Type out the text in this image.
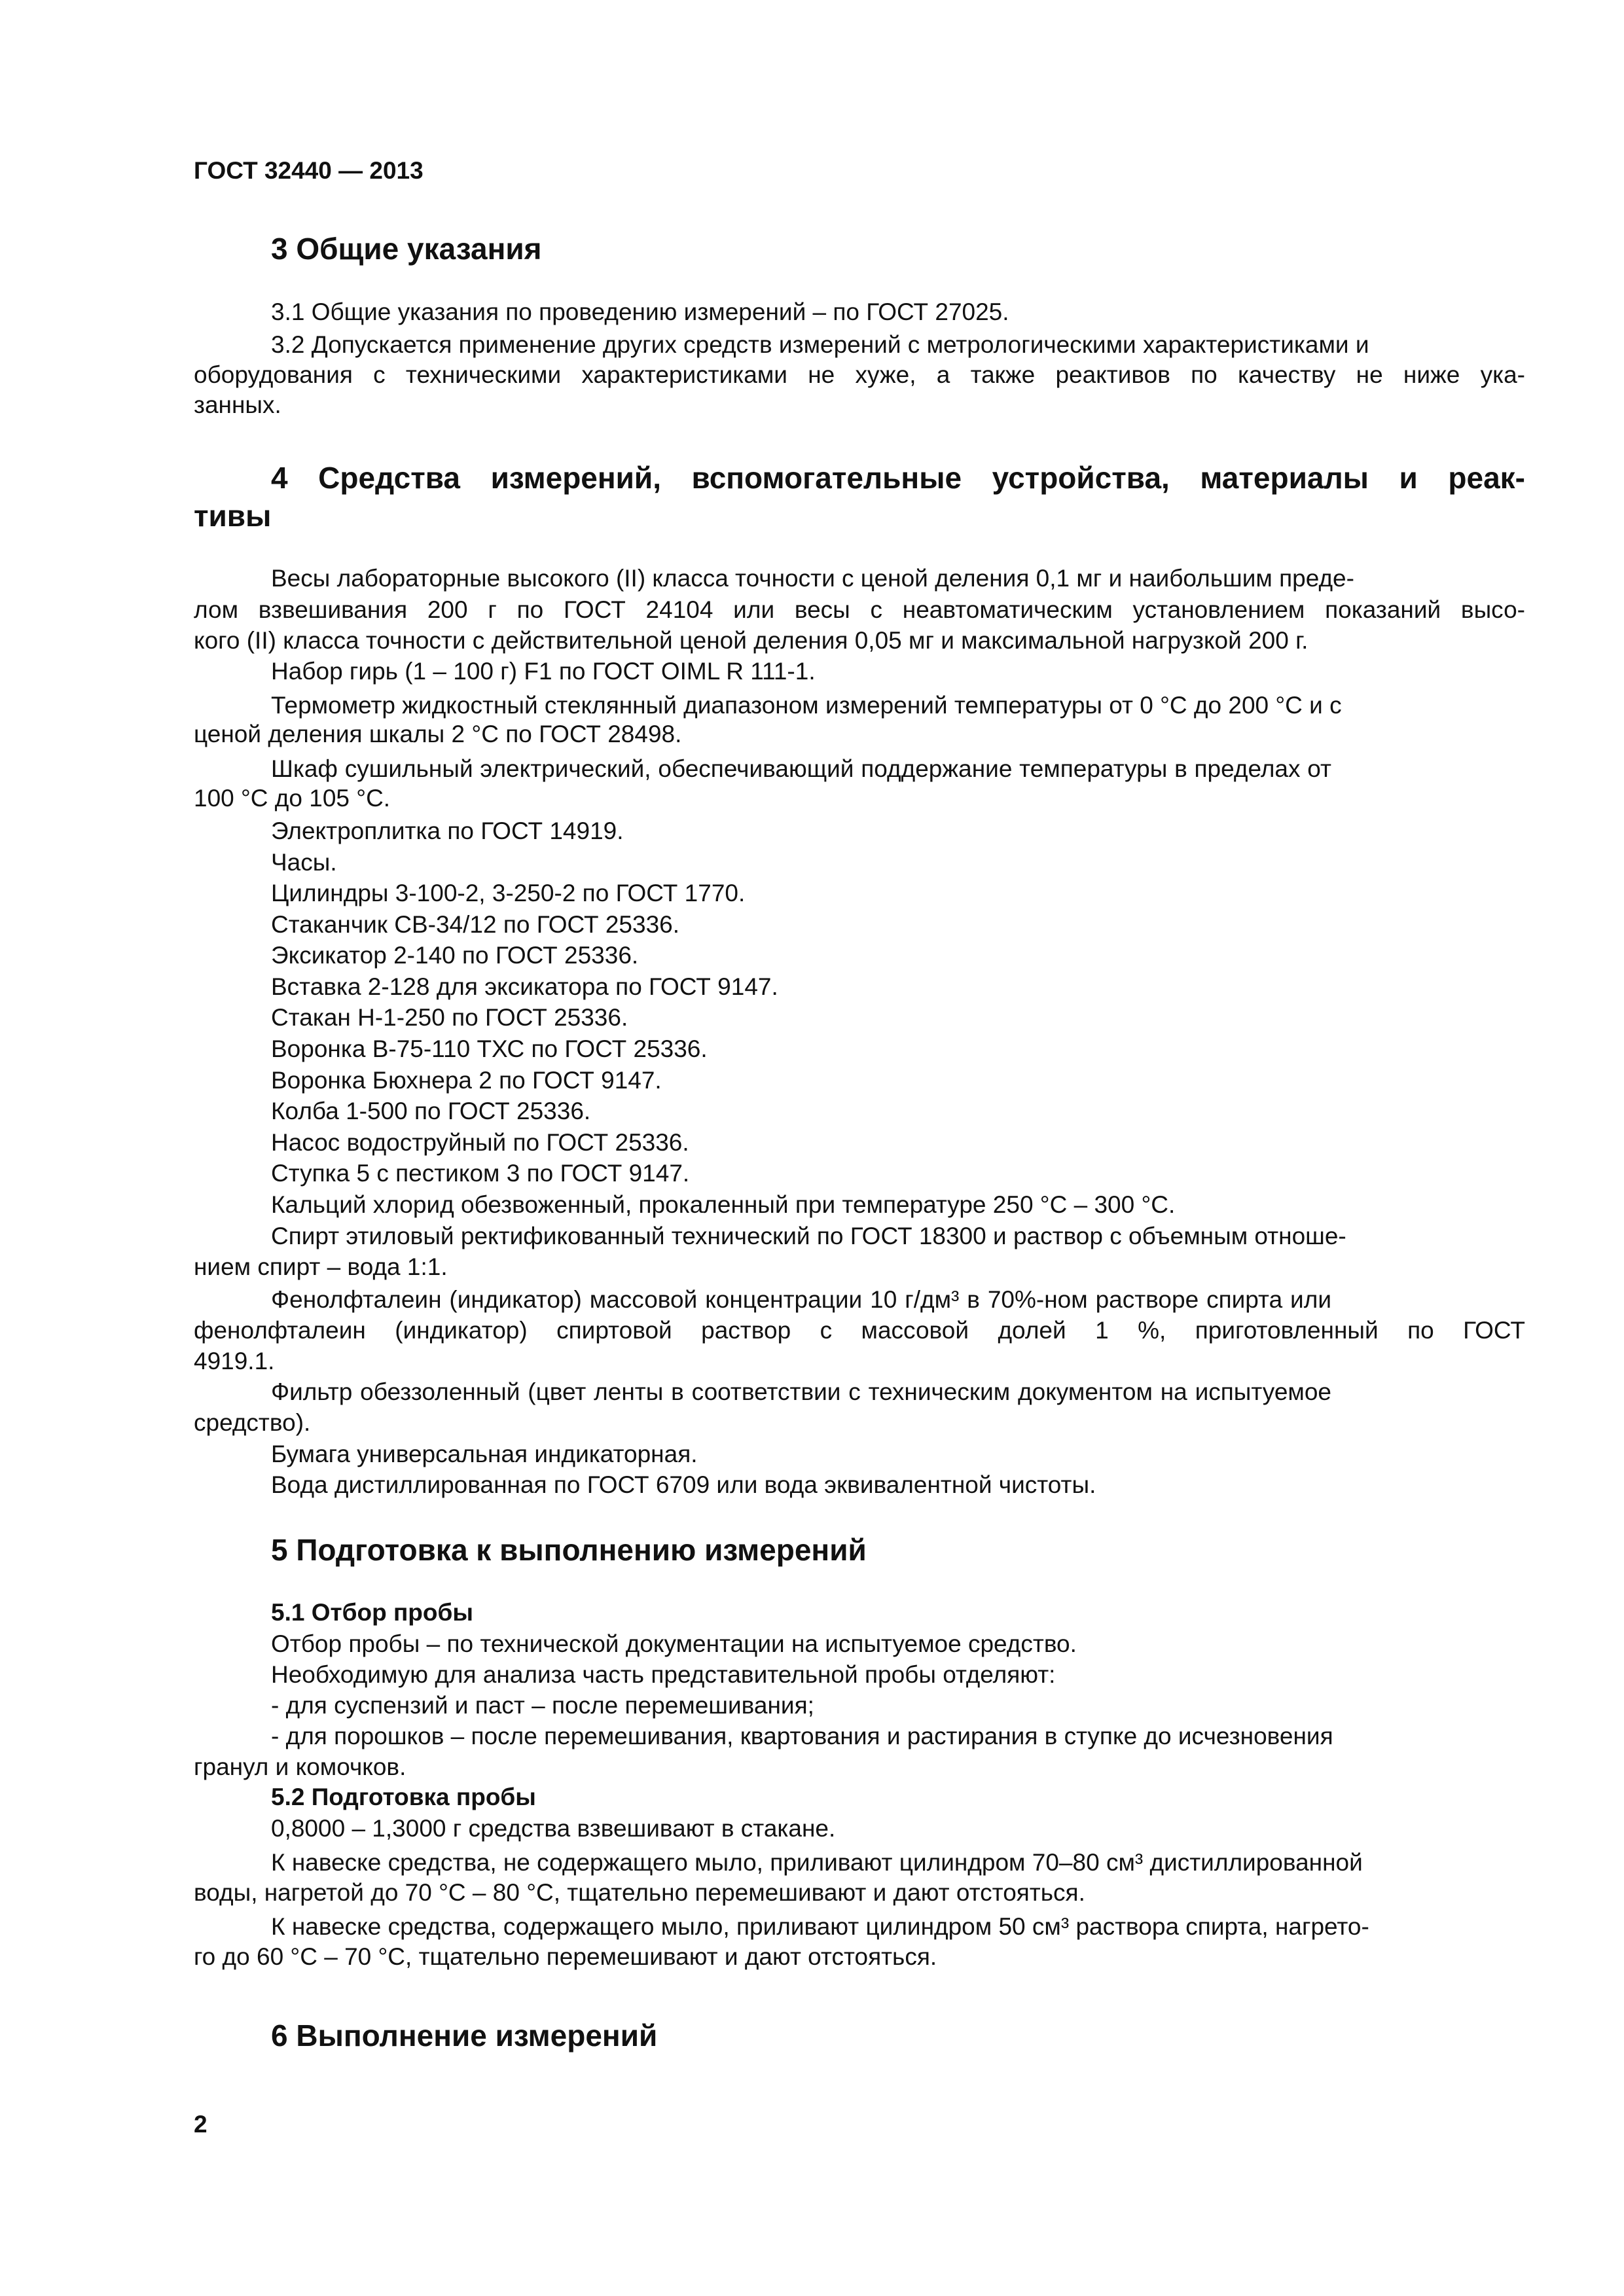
ГОСТ 32440 — 2013
3 Общие указания
3.1 Общие указания по проведению измерений – по ГОСТ 27025.
3.2 Допускается применение других средств измерений с метрологическими характеристиками и
оборудования с техническими характеристиками не хуже, а также реактивов по качеству не ниже ука-
занных.
4 Средства измерений, вспомогательные устройства, материалы и реак-
тивы
Весы лабораторные высокого (II) класса точности с ценой деления 0,1 мг и наибольшим преде-
лом взвешивания 200 г по ГОСТ 24104 или весы с неавтоматическим установлением показаний высо-
кого (II) класса точности с действительной ценой деления 0,05 мг и максимальной нагрузкой 200 г.
Набор гирь (1 – 100 г) F1 по ГОСТ OIML R 111-1.
Термометр жидкостный стеклянный диапазоном измерений температуры от 0 °С до 200 °С и с
ценой деления шкалы 2 °С по ГОСТ 28498.
Шкаф сушильный электрический, обеспечивающий поддержание температуры в пределах от
100 °С до 105 °С.
Электроплитка по ГОСТ 14919.
Часы.
Цилиндры 3-100-2, 3-250-2 по ГОСТ 1770.
Стаканчик СВ-34/12 по ГОСТ 25336.
Эксикатор 2-140 по ГОСТ 25336.
Вставка 2-128 для эксикатора по ГОСТ 9147.
Стакан Н-1-250 по ГОСТ 25336.
Воронка В-75-110 ТХС по ГОСТ 25336.
Воронка Бюхнера 2 по ГОСТ 9147.
Колба 1-500 по ГОСТ 25336.
Насос водоструйный по ГОСТ 25336.
Ступка 5 с пестиком 3 по ГОСТ 9147.
Кальций хлорид обезвоженный, прокаленный при температуре 250 °С – 300 °С.
Спирт этиловый ректификованный технический по ГОСТ 18300 и раствор с объемным отноше-
нием спирт – вода 1:1.
Фенолфталеин (индикатор) массовой концентрации 10 г/дм³ в 70%-ном растворе спирта или
фенолфталеин (индикатор) спиртовой раствор с массовой долей 1 %, приготовленный по ГОСТ
4919.1.
Фильтр обеззоленный (цвет ленты в соответствии с техническим документом на испытуемое
средство).
Бумага универсальная индикаторная.
Вода дистиллированная по ГОСТ 6709 или вода эквивалентной чистоты.
5 Подготовка к выполнению измерений
5.1 Отбор пробы
Отбор пробы – по технической документации на испытуемое средство.
Необходимую для анализа часть представительной пробы отделяют:
- для суспензий и паст – после перемешивания;
- для порошков – после перемешивания, квартования и растирания в ступке до исчезновения
гранул и комочков.
5.2 Подготовка пробы
0,8000 – 1,3000 г средства взвешивают в стакане.
К навеске средства, не содержащего мыло, приливают цилиндром 70–80 см³ дистиллированной
воды, нагретой до 70 °С – 80 °С, тщательно перемешивают и дают отстояться.
К навеске средства, содержащего мыло, приливают цилиндром 50 см³ раствора спирта, нагрето-
го до 60 °С – 70 °С, тщательно перемешивают и дают отстояться.
6 Выполнение измерений
2
